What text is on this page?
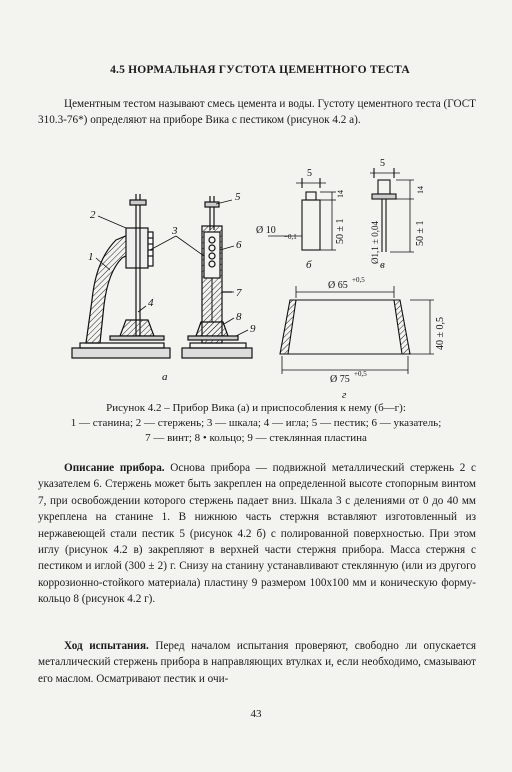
4.5 НОРМАЛЬНАЯ ГУСТОТА ЦЕМЕНТНОГО ТЕСТА
Цементным тестом называют смесь цемента и воды. Густоту цементного теста (ГОСТ 310.3-76*) определяют на приборе Вика с пестиком (рисунок 4.2 а).
2
1
3
4
5
6
7
8
9
а
5
14
50 ± 1
Ø 10
−0,1
б
5
14
50 ± 1
Ø1,1 ± 0,04
в
Ø 65 +0,5
Ø 75 +0,5
40 ± 0,5
г
Рисунок 4.2 – Прибор Вика (а) и приспособления к нему (б—г):
1 — станина; 2 — стержень; 3 — шкала; 4 — игла; 5 — пестик; 6 — указатель;
7 — винт; 8 • кольцо; 9 — стеклянная пластина
Описание прибора. Основа прибора — подвижной металлический стержень 2 с указателем 6. Стержень может быть закреплен на определенной высоте стопорным винтом 7, при освобождении которого стержень падает вниз. Шкала 3 с делениями от 0 до 40 мм укреплена на станине 1. В нижнюю часть стержня вставляют изготовленный из нержавеющей стали пестик 5 (рисунок 4.2 б) с полированной поверхностью. При этом иглу (рисунок 4.2 в) закрепляют в верхней части стержня прибора. Масса стержня с пестиком и иглой (300 ± 2) г. Снизу на станину устанавливают стеклянную (или из другого коррозионно-стойкого материала) пластину 9 размером 100x100 мм и коническую форму-кольцо 8 (рисунок 4.2 г).
Ход испытания. Перед началом испытания проверяют, свободно ли опускается металлический стержень прибора в направляющих втулках и, если необходимо, смазывают его маслом. Осматривают пестик и очи-
43
